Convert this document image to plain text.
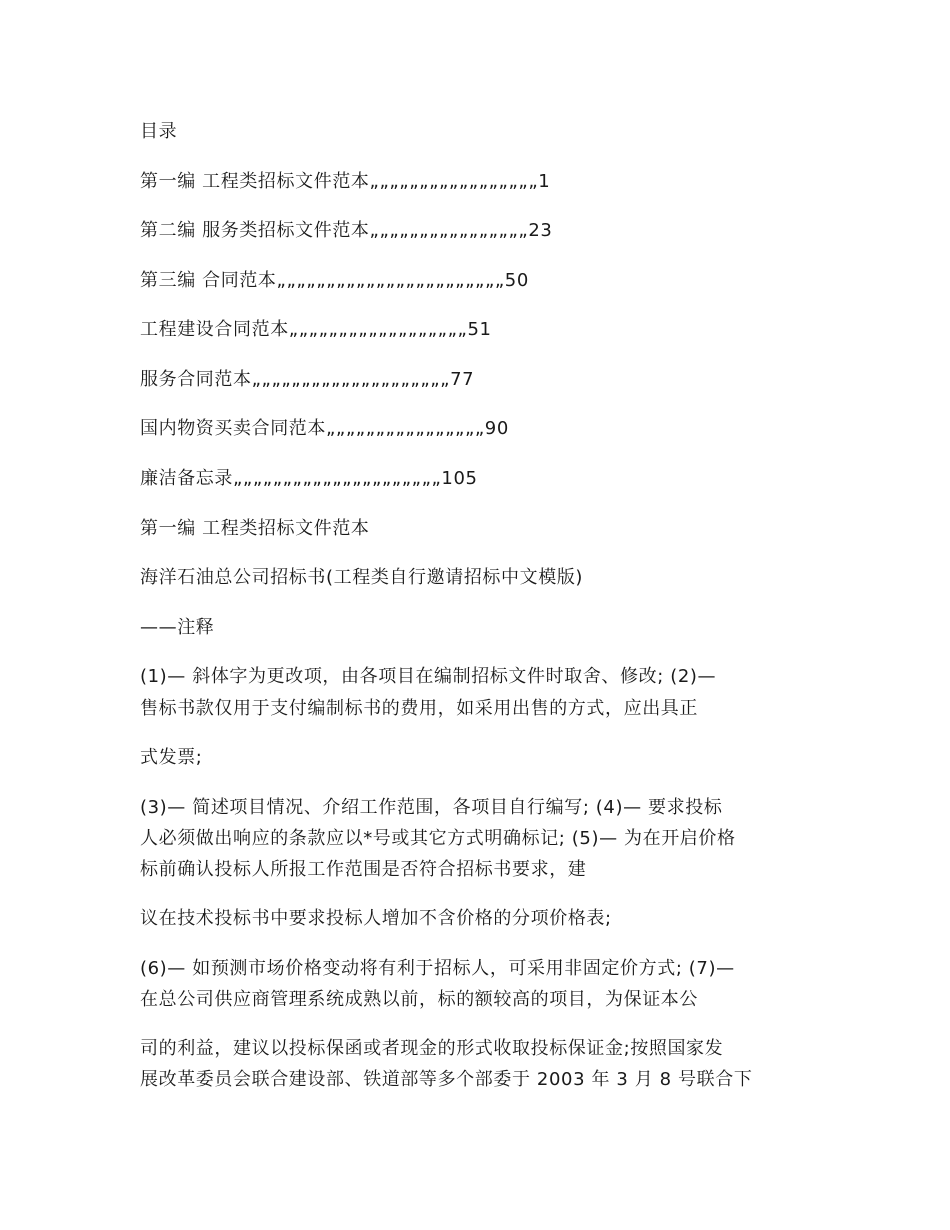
目录
第一编 工程类招标文件范本„„„„„„„„„„„„„„„„„1
第二编 服务类招标文件范本„„„„„„„„„„„„„„„„23
第三编 合同范本„„„„„„„„„„„„„„„„„„„„„„„50
工程建设合同范本„„„„„„„„„„„„„„„„„„51
服务合同范本„„„„„„„„„„„„„„„„„„„„77
国内物资买卖合同范本„„„„„„„„„„„„„„„„90
廉洁备忘录„„„„„„„„„„„„„„„„„„„„„105
第一编 工程类招标文件范本
海洋石油总公司招标书(工程类自行邀请招标中文模版)
——注释
(1)— 斜体字为更改项，由各项目在编制招标文件时取舍、修改; (2)—
售标书款仅用于支付编制标书的费用，如采用出售的方式，应出具正
式发票;
(3)— 简述项目情况、介绍工作范围，各项目自行编写; (4)— 要求投标
人必须做出响应的条款应以*号或其它方式明确标记; (5)— 为在开启价格
标前确认投标人所报工作范围是否符合招标书要求，建
议在技术投标书中要求投标人增加不含价格的分项价格表;
(6)— 如预测市场价格变动将有利于招标人，可采用非固定价方式; (7)—
在总公司供应商管理系统成熟以前，标的额较高的项目，为保证本公
司的利益，建议以投标保函或者现金的形式收取投标保证金;按照国家发
展改革委员会联合建设部、铁道部等多个部委于 2003 年 3 月 8 号联合下
